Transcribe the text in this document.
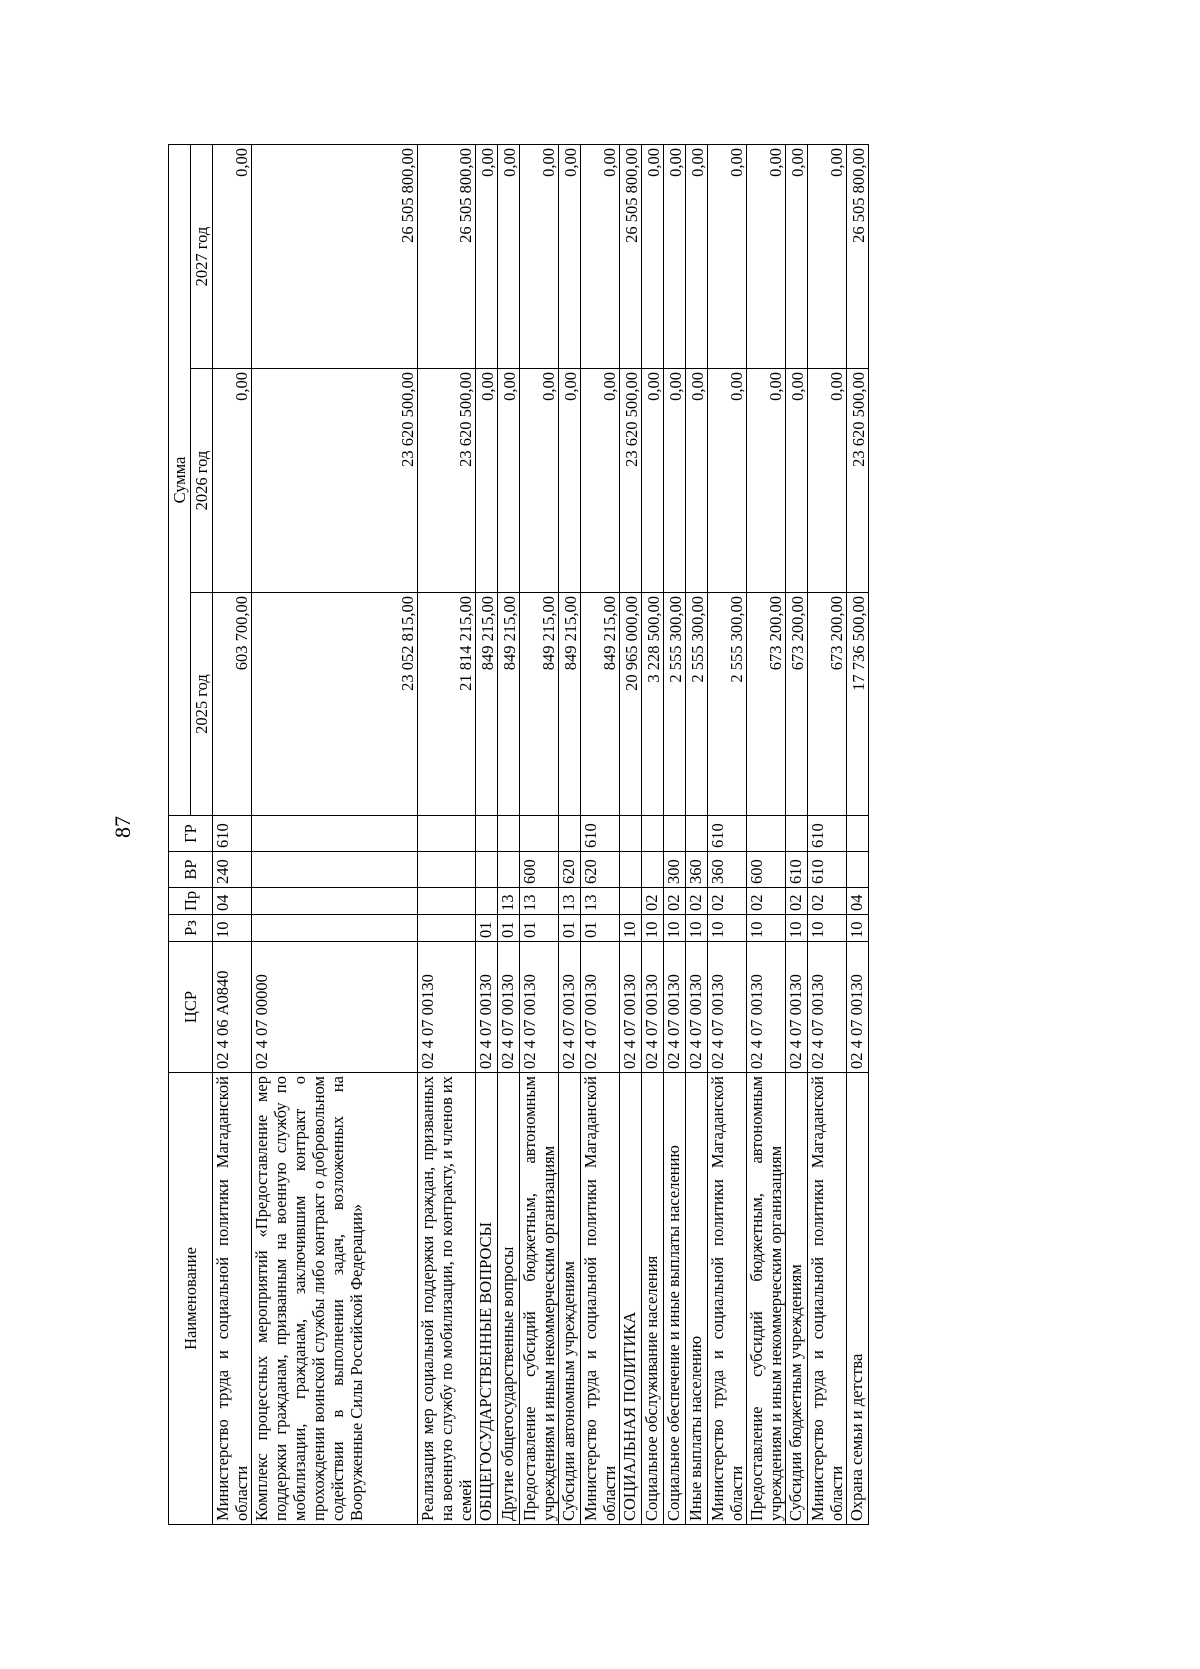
87
Наименование	ЦСР	Рз	Пр	ВР	ГР	Сумма		
						2025 год	2026 год	2027 год
Министерство труда и социальной политики Магаданской области	02 4 06 А0840	10	04	240	610	603 700,00	0,00	0,00
Комплекс процессных мероприятий «Предоставление мер поддержки гражданам, призванным на военную службу по мобилизации, гражданам, заключившим контракт о прохождении воинской службы либо контракт о добровольном содействии в выполнении задач, возложенных на Вооруженные Силы Российской Федерации»	02 4 07 00000					23 052 815,00	23 620 500,00	26 505 800,00
Реализация мер социальной поддержки граждан, призванных на военную службу по мобилизации, по контракту, и членов их семей	02 4 07 00130					21 814 215,00	23 620 500,00	26 505 800,00
ОБЩЕГОСУДАРСТВЕННЫЕ ВОПРОСЫ	02 4 07 00130	01				849 215,00	0,00	0,00
Другие общегосударственные вопросы	02 4 07 00130	01	13			849 215,00	0,00	0,00
Предоставление субсидий бюджетным, автономным учреждениям и иным некоммерческим организациям	02 4 07 00130	01	13	600		849 215,00	0,00	0,00
Субсидии автономным учреждениям	02 4 07 00130	01	13	620		849 215,00	0,00	0,00
Министерство труда и социальной политики Магаданской области	02 4 07 00130	01	13	620	610	849 215,00	0,00	0,00
СОЦИАЛЬНАЯ ПОЛИТИКА	02 4 07 00130	10				20 965 000,00	23 620 500,00	26 505 800,00
Социальное обслуживание населения	02 4 07 00130	10	02			3 228 500,00	0,00	0,00
Социальное обеспечение и иные выплаты населению	02 4 07 00130	10	02	300		2 555 300,00	0,00	0,00
Иные выплаты населению	02 4 07 00130	10	02	360		2 555 300,00	0,00	0,00
Министерство труда и социальной политики Магаданской области	02 4 07 00130	10	02	360	610	2 555 300,00	0,00	0,00
Предоставление субсидий бюджетным, автономным учреждениям и иным некоммерческим организациям	02 4 07 00130	10	02	600		673 200,00	0,00	0,00
Субсидии бюджетным учреждениям	02 4 07 00130	10	02	610		673 200,00	0,00	0,00
Министерство труда и социальной политики Магаданской области	02 4 07 00130	10	02	610	610	673 200,00	0,00	0,00
Охрана семьи и детства	02 4 07 00130	10	04			17 736 500,00	23 620 500,00	26 505 800,00
